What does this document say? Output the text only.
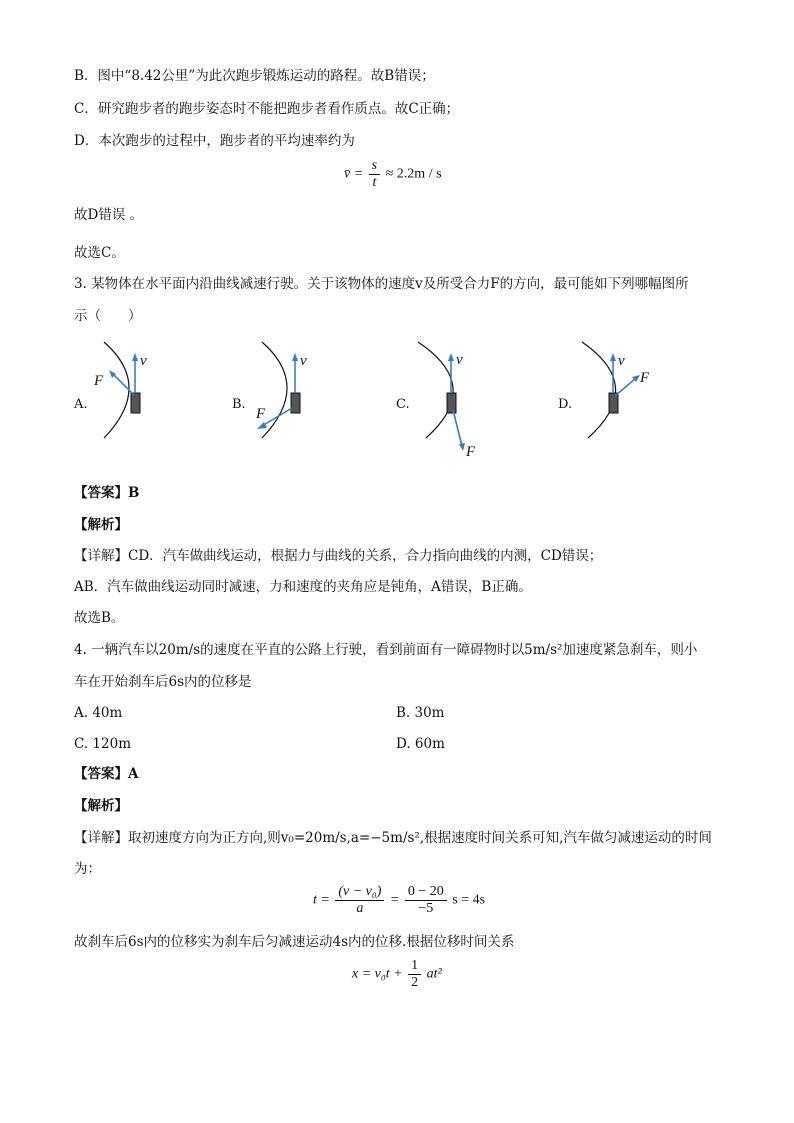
B．图中“8.42公里”为此次跑步锻炼运动的路程。故B错误；
C．研究跑步者的跑步姿态时不能把跑步者看作质点。故C正确；
D．本次跑步的过程中，跑步者的平均速率约为
v̄ = $\frac{s}{t} \approx 2.2m / s$
故D错误 。
故选C。
3. 某物体在水平面内沿曲线减速行驶。关于该物体的速度v及所受合力F的方向，最可能如下列哪幅图所
示（　　）
A.
v
F
B.
v
F
C.
v
F
D.
v
F
【答案】B
【解析】
【详解】CD．汽车做曲线运动，根据力与曲线的关系，合力指向曲线的内测，CD错误；
AB．汽车做曲线运动同时减速，力和速度的夹角应是钝角，A错误，B正确。
故选B。
4. 一辆汽车以20m/s的速度在平直的公路上行驶，看到前面有一障碍物时以5m/s²加速度紧急刹车，则小
车在开始刹车后6s内的位移是
A. 40m	B. 30m
C. 120m	D. 60m
【答案】A
【解析】
【详解】取初速度方向为正方向,则v₀=20m/s,a=−5m/s²,根据速度时间关系可知,汽车做匀减速运动的时间
为：
$t = \frac{\text{(v − v₀)}}{a} = \frac{0 - 20}{-5}$ s = 4s
故刹车后6s内的位移实为刹车后匀减速运动4s内的位移.根据位移时间关系
$x = v_0t + \frac{1}{2} at^2$
